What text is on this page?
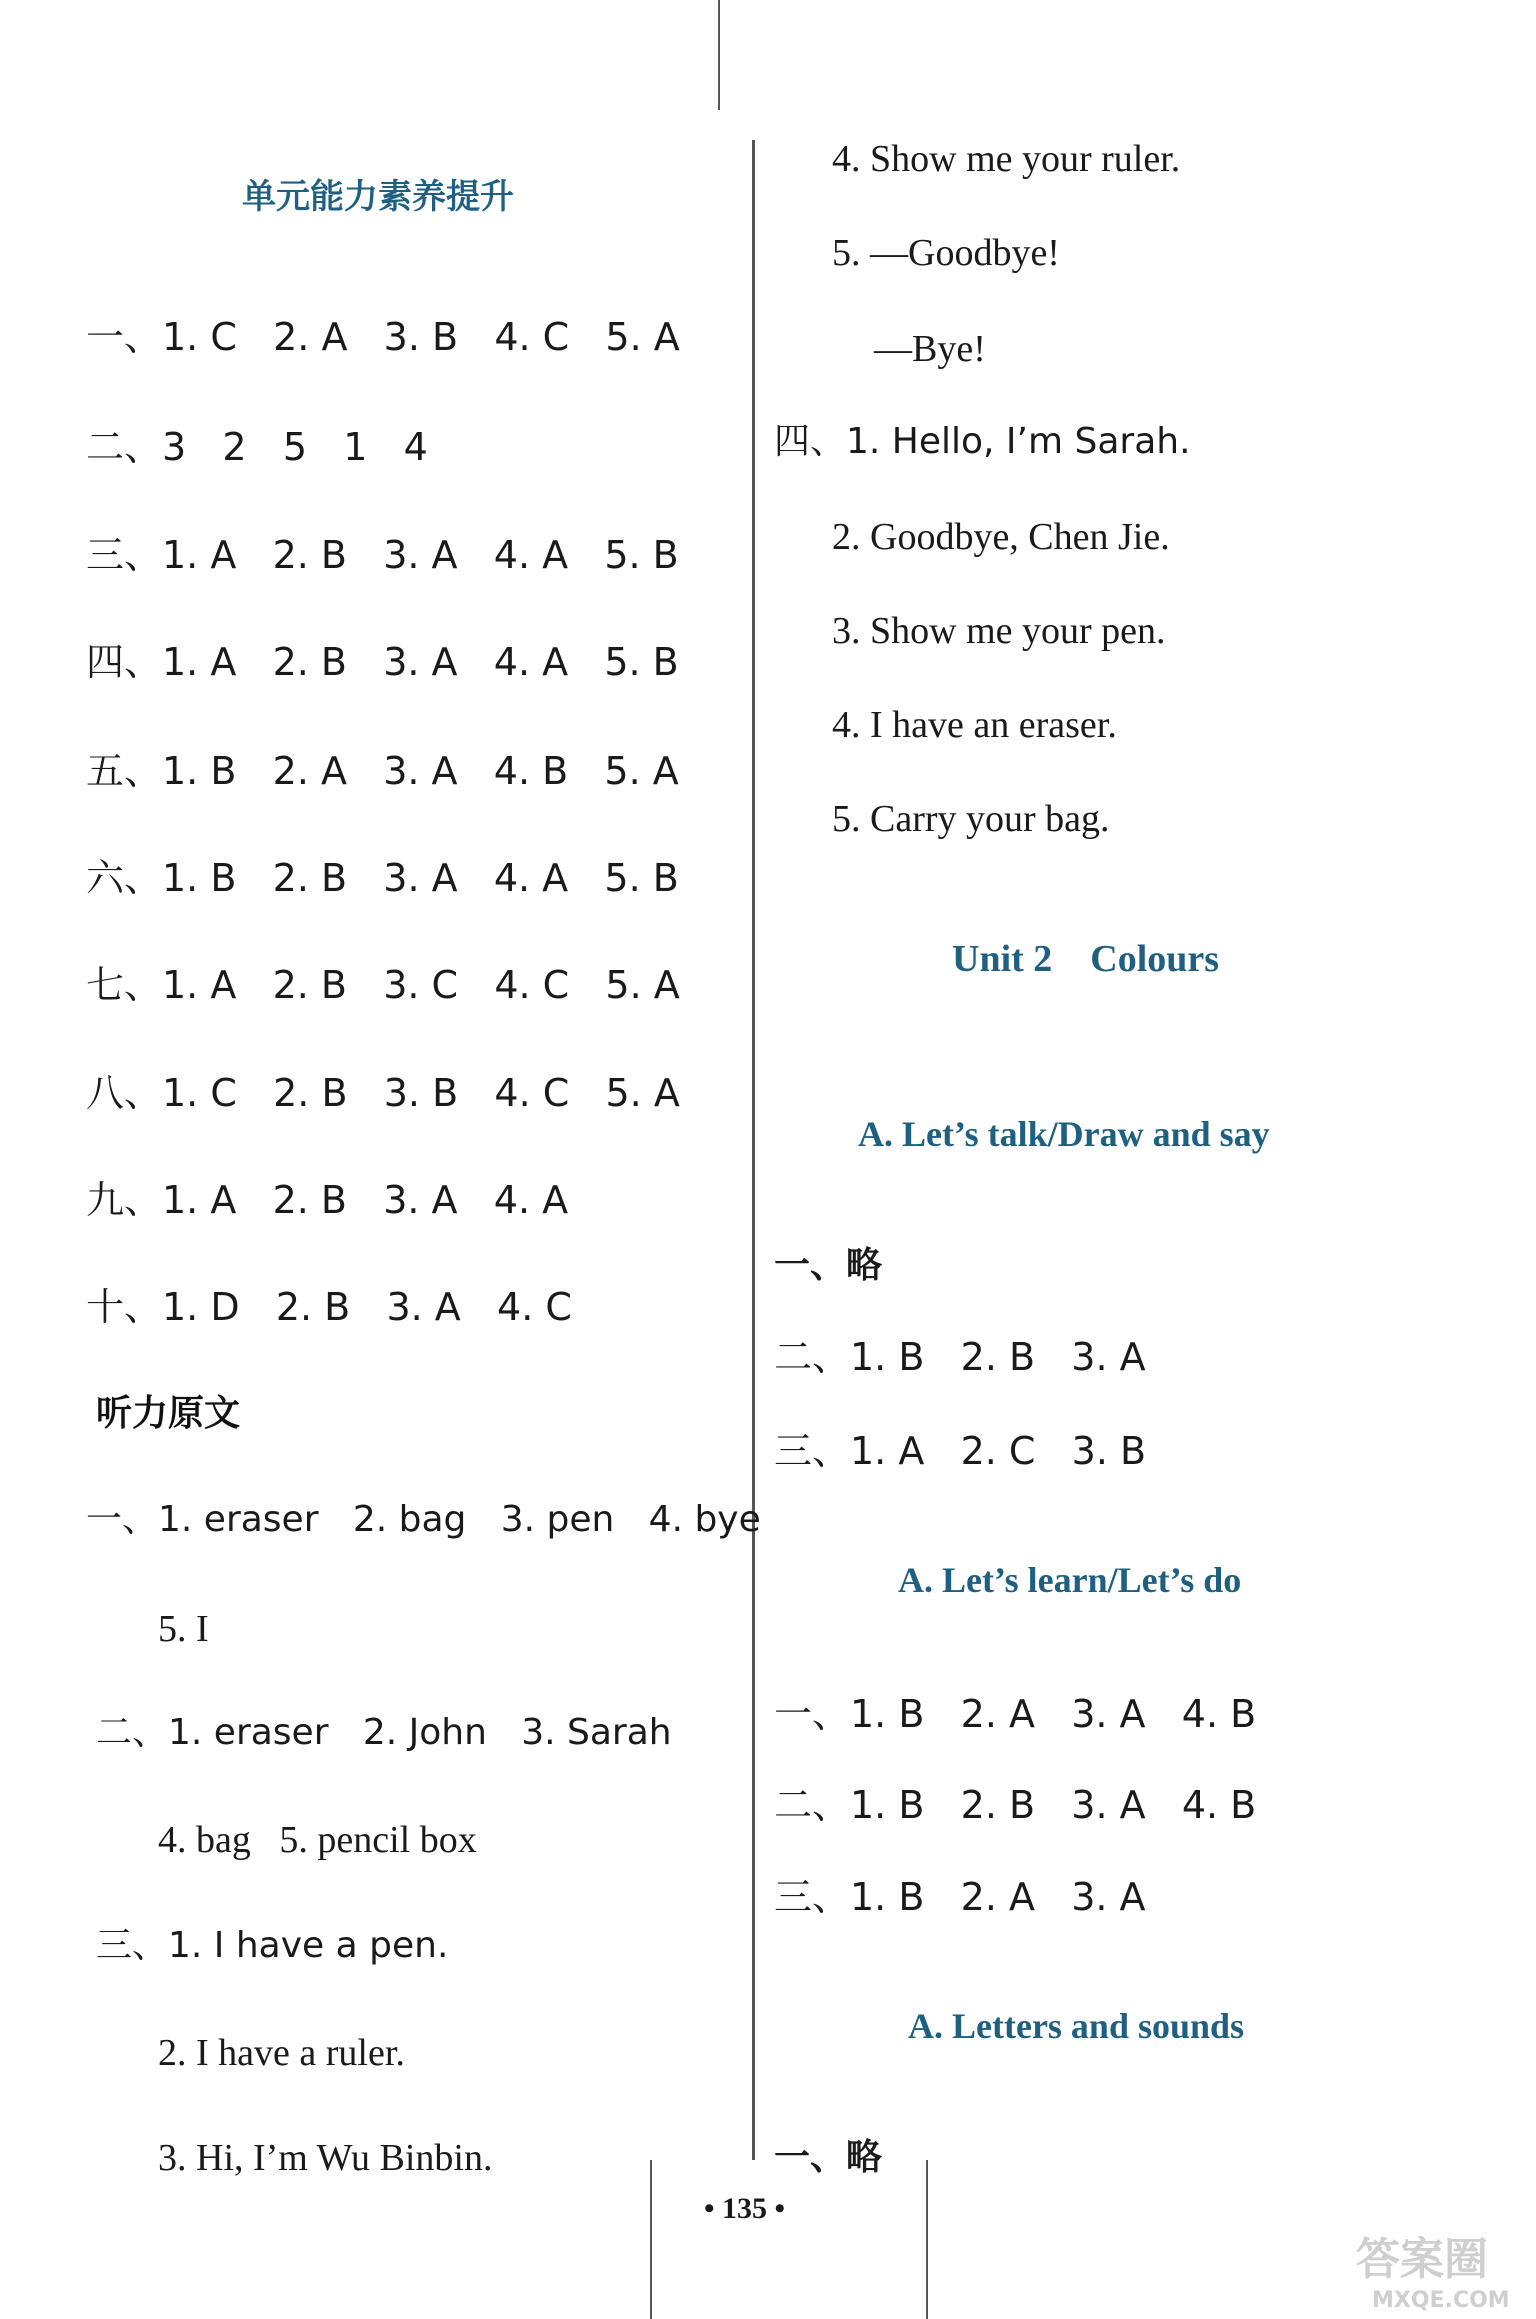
单元能力素养提升
一、1. C   2. A   3. B   4. C   5. A
二、3   2   5   1   4
三、1. A   2. B   3. A   4. A   5. B
四、1. A   2. B   3. A   4. A   5. B
五、1. B   2. A   3. A   4. B   5. A
六、1. B   2. B   3. A   4. A   5. B
七、1. A   2. B   3. C   4. C   5. A
八、1. C   2. B   3. B   4. C   5. A
九、1. A   2. B   3. A   4. A
十、1. D   2. B   3. A   4. C
听力原文
一、1. eraser   2. bag   3. pen   4. bye
5. I
二、1. eraser   2. John   3. Sarah
4. bag   5. pencil box
三、1. I have a pen.
2. I have a ruler.
3. Hi, I’m Wu Binbin.
4. Show me your ruler.
5. —Goodbye!
—Bye!
四、1. Hello, I’m Sarah.
2. Goodbye, Chen Jie.
3. Show me your pen.
4. I have an eraser.
5. Carry your bag.
Unit 2    Colours
A. Let’s talk/Draw and say
一、略
二、1. B   2. B   3. A
三、1. A   2. C   3. B
A. Let’s learn/Let’s do
一、1. B   2. A   3. A   4. B
二、1. B   2. B   3. A   4. B
三、1. B   2. A   3. A
A. Letters and sounds
一、略
• 135 •
答案圈
MXQE.COM
